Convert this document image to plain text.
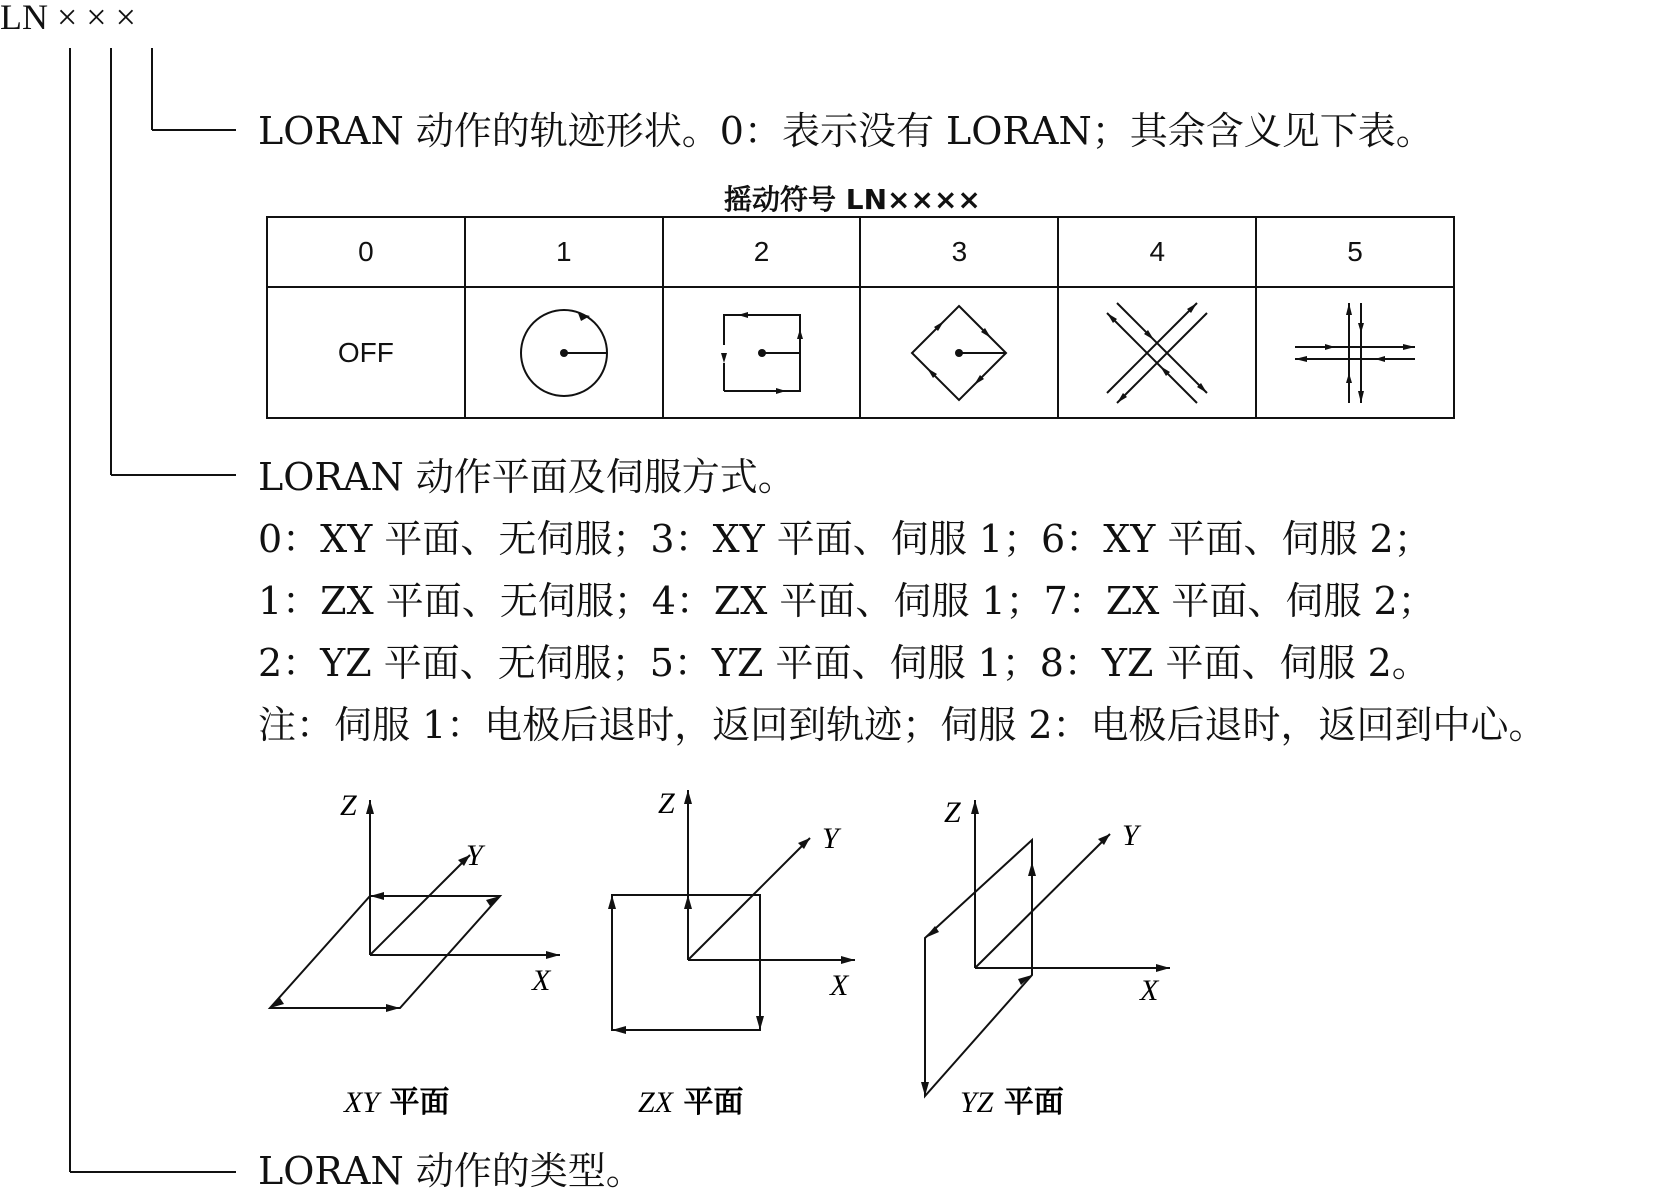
LN × × ×
LORAN 动作的轨迹形状。0：表示没有 LORAN；其余含义见下表。
摇动符号 LN××××
0	1	2	3	4	5
OFF	

LORAN 动作平面及伺服方式。
0：XY 平面、无伺服；3：XY 平面、伺服 1；6：XY 平面、伺服 2；
1：ZX 平面、无伺服；4：ZX 平面、伺服 1；7：ZX 平面、伺服 2；
2：YZ 平面、无伺服；5：YZ 平面、伺服 1；8：YZ 平面、伺服 2。
注：伺服 1：电极后退时，返回到轨迹；伺服 2：电极后退时，返回到中心。
Z
Y
X
XY 平面
Z
Y
X
ZX 平面
Z
Y
X
YZ 平面
LORAN 动作的类型。
